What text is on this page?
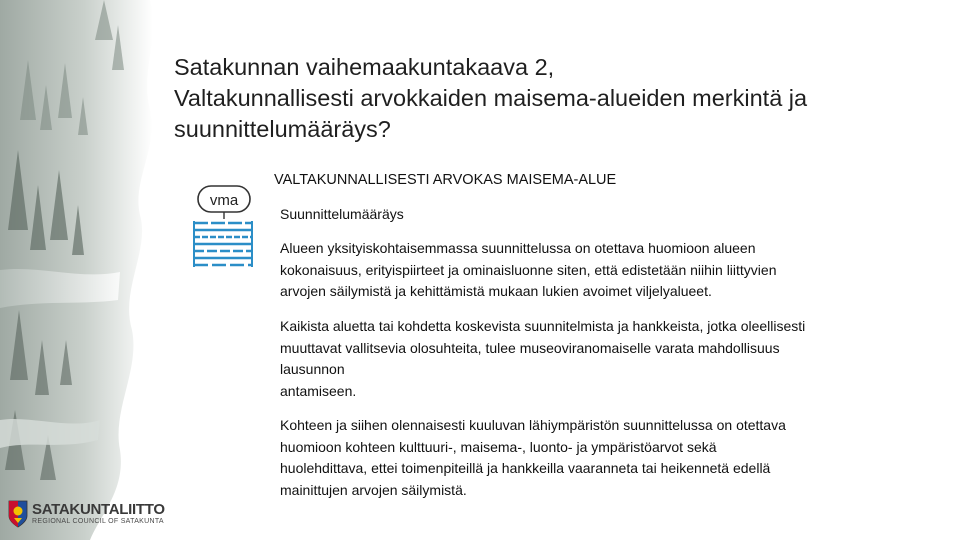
Satakunnan vaihemaakuntakaava 2,
Valtakunnallisesti arvokkaiden maisema-alueiden merkintä ja
suunnittelumääräys?
vma
VALTAKUNNALLISESTI ARVOKAS MAISEMA-ALUE
Suunnittelumääräys
Alueen yksityiskohtaisemmassa suunnittelussa on otettava huomioon alueen
kokonaisuus, erityispiirteet ja ominaisluonne siten, että edistetään niihin liittyvien
arvojen säilymistä ja kehittämistä mukaan lukien avoimet viljelyalueet.
Kaikista aluetta tai kohdetta koskevista suunnitelmista ja hankkeista, jotka oleellisesti
muuttavat vallitsevia olosuhteita, tulee museoviranomaiselle varata mahdollisuus
lausunnon
antamiseen.
Kohteen ja siihen olennaisesti kuuluvan lähiympäristön suunnittelussa on otettava
huomioon kohteen kulttuuri-, maisema-, luonto- ja ympäristöarvot sekä
huolehdittava, ettei toimenpiteillä ja hankkeilla vaaranneta tai heikennetä edellä
mainittujen arvojen säilymistä.
SATAKUNTALIITTO
REGIONAL COUNCIL OF SATAKUNTA
